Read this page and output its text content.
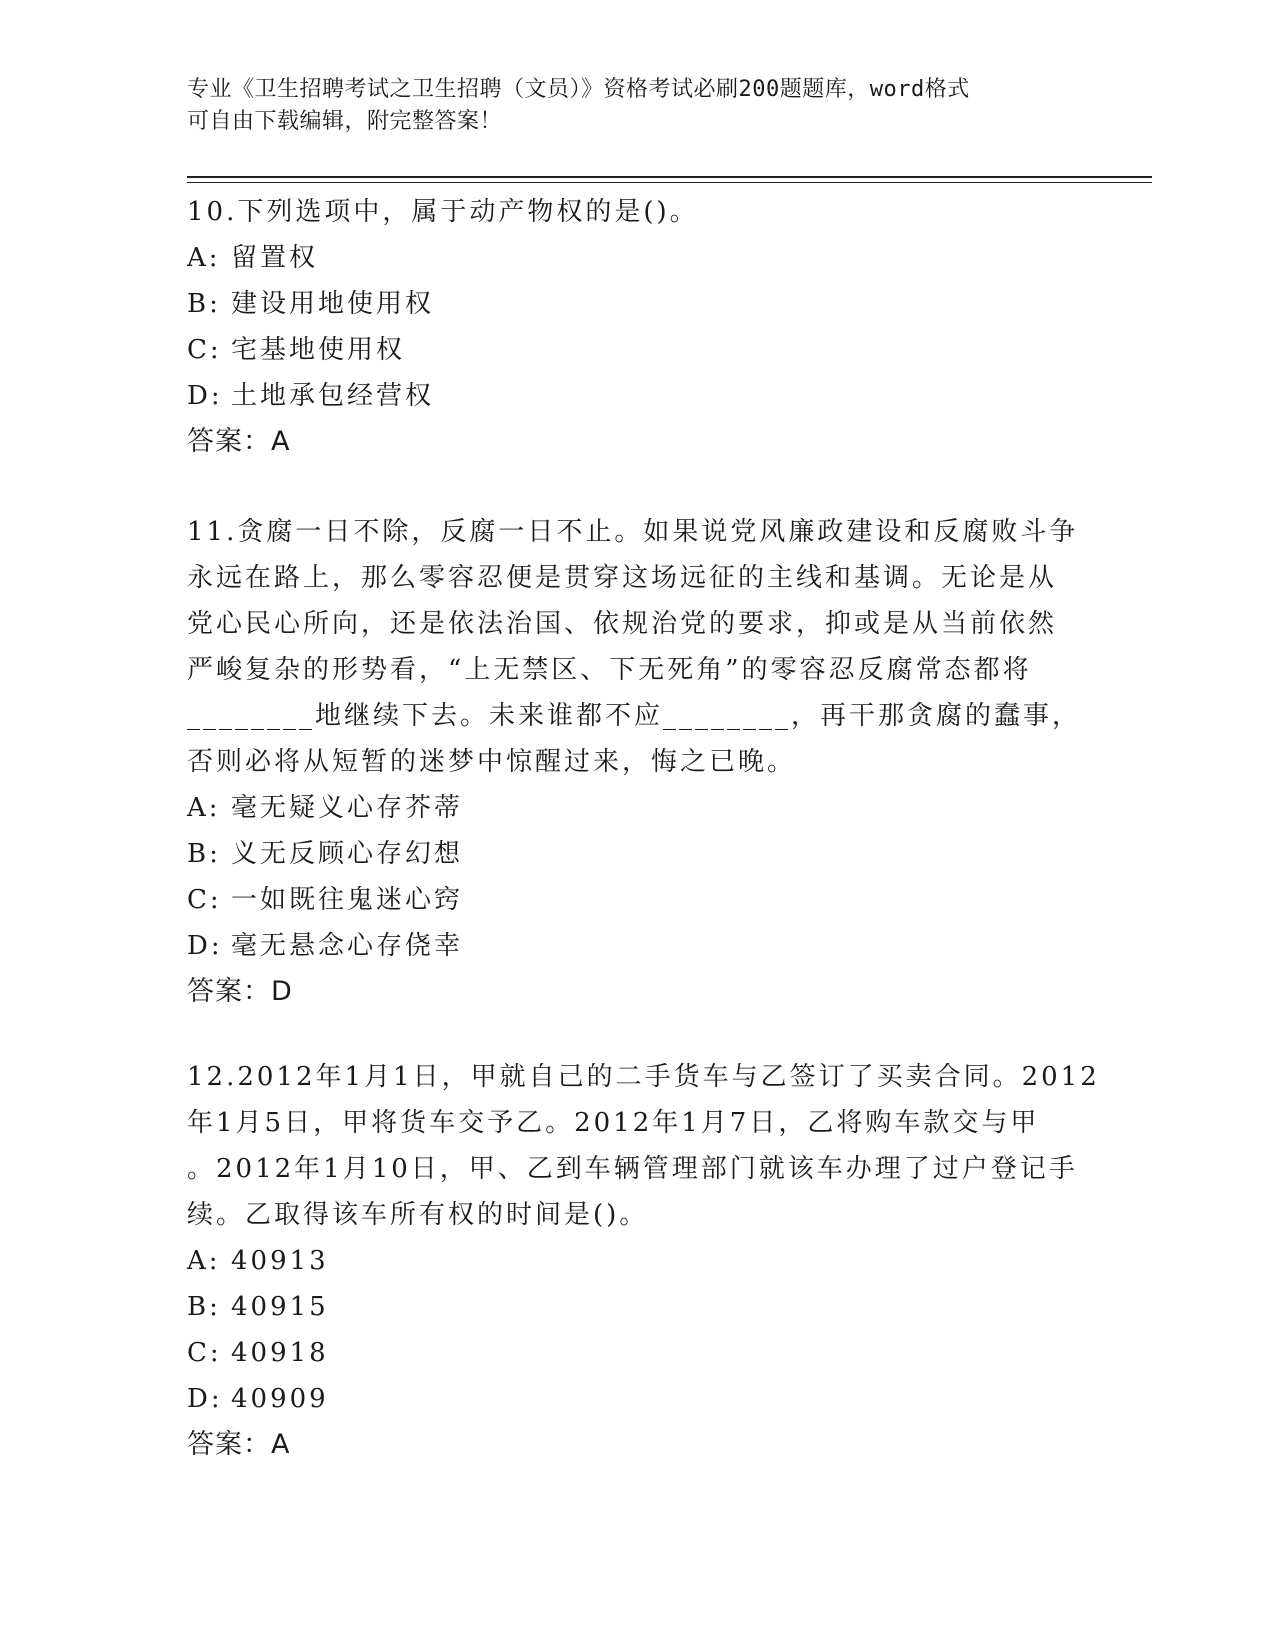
专业《卫生招聘考试之卫生招聘（文员）》资格考试必刷200题题库，word格式
可自由下载编辑，附完整答案！
10.下列选项中，属于动产物权的是()。
A: 留置权
B: 建设用地使用权
C: 宅基地使用权
D: 土地承包经营权
答案：A
11.贪腐一日不除，反腐一日不止。如果说党风廉政建设和反腐败斗争
永远在路上，那么零容忍便是贯穿这场远征的主线和基调。无论是从
党心民心所向，还是依法治国、依规治党的要求，抑或是从当前依然
严峻复杂的形势看，“上无禁区、下无死角”的零容忍反腐常态都将
________地继续下去。未来谁都不应________，再干那贪腐的蠢事，
否则必将从短暂的迷梦中惊醒过来，悔之已晚。
A: 毫无疑义心存芥蒂
B: 义无反顾心存幻想
C: 一如既往鬼迷心窍
D: 毫无悬念心存侥幸
答案：D
12.2012年1月1日，甲就自己的二手货车与乙签订了买卖合同。2012
年1月5日，甲将货车交予乙。2012年1月7日，乙将购车款交与甲
。2012年1月10日，甲、乙到车辆管理部门就该车办理了过户登记手
续。乙取得该车所有权的时间是()。
A: 40913
B: 40915
C: 40918
D: 40909
答案：A
